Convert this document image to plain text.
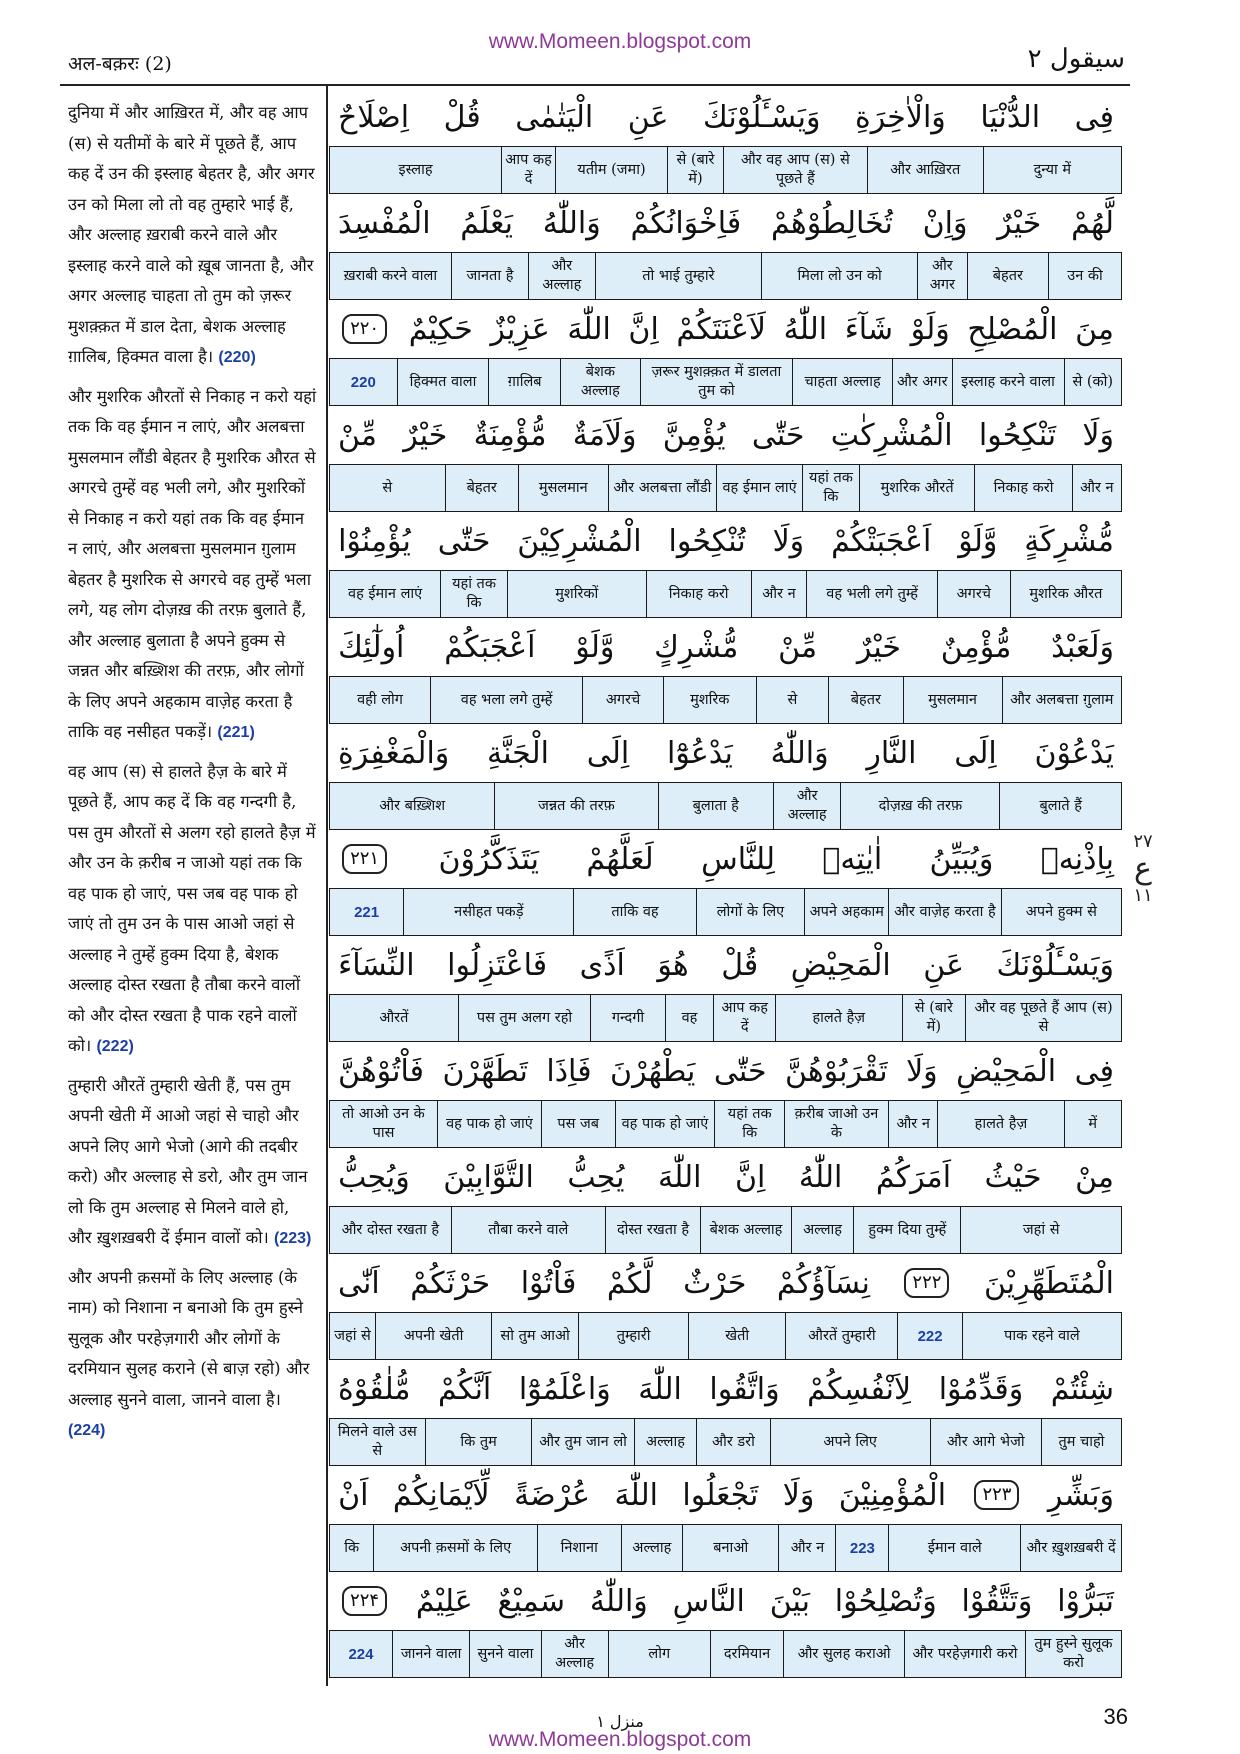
www.Momeen.blogspot.com
अल-बक़रः (2)	سیقول ۲

दुनिया में और आख़िरत में, और वह आप (स) से यतीमों के बारे में पूछते हैं, आप कह दें उन की इस्लाह बेहतर है, और अगर उन को मिला लो तो वह तुम्हारे भाई हैं, और अल्लाह ख़राबी करने वाले और इस्लाह करने वाले को ख़ूब जानता है, और अगर अल्लाह चाहता तो तुम को ज़रूर मुशक़्क़त में डाल देता, बेशक अल्लाह ग़ालिब, हिक्मत वाला है। (220)

और मुशरिक औरतों से निकाह न करो यहां तक कि वह ईमान न लाएं, और अलबत्ता मुसलमान लौंडी बेहतर है मुशरिक औरत से अगरचे तुम्हें वह भली लगे, और मुशरिकों से निकाह न करो यहां तक कि वह ईमान न लाएं, और अलबत्ता मुसलमान ग़ुलाम बेहतर है मुशरिक से अगरचे वह तुम्हें भला लगे, यह लोग दोज़ख़ की तरफ़ बुलाते हैं, और अल्लाह बुलाता है अपने हुक्म से जन्नत और बख़्शिश की तरफ़, और लोगों के लिए अपने अहकाम वाज़ेह करता है ताकि वह नसीहत पकड़ें। (221)

वह आप (स) से हालते हैज़ के बारे में पूछते हैं, आप कह दें कि वह गन्दगी है, पस तुम औरतों से अलग रहो हालते हैज़ में और उन के क़रीब न जाओ यहां तक कि वह पाक हो जाएं, पस जब वह पाक हो जाएं तो तुम उन के पास आओ जहां से अल्लाह ने तुम्हें हुक्म दिया है, बेशक अल्लाह दोस्त रखता है तौबा करने वालों को और दोस्त रखता है पाक रहने वालों को। (222)

तुम्हारी औरतें तुम्हारी खेती हैं, पस तुम अपनी खेती में आओ जहां से चाहो और अपने लिए आगे भेजो (आगे की तदबीर करो) और अल्लाह से डरो, और तुम जान लो कि तुम अल्लाह से मिलने वाले हो, और ख़ुशख़बरी दें ईमान वालों को। (223)

और अपनी क़समों के लिए अल्लाह (के नाम) को निशाना न बनाओ कि तुम हुस्ने सुलूक और परहेज़गारी और लोगों के दरमियान सुलह कराने (से बाज़ रहो) और अल्लाह सुनने वाला, जानने वाला है। (224)

فِى
الدُّنْيَا
وَالْاٰخِرَةِ
وَيَسْـَٔلُوْنَكَ
عَنِ
الْيَتٰمٰى
قُلْ
اِصْلَاحٌ
दुन्या में
और आख़िरत
और वह आप (स) से पूछते हैं
से (बारे में)
यतीम (जमा)
आप कह दें
इस्लाह
لَّهُمْ
خَيْرٌ
وَاِنْ
تُخَالِطُوْهُمْ
فَاِخْوَانُكُمْ
وَاللّٰهُ
يَعْلَمُ
الْمُفْسِدَ
उन की
बेहतर
और अगर
मिला लो उन को
तो भाई तुम्हारे
और अल्लाह
जानता है
ख़राबी करने वाला
مِنَ
الْمُصْلِحِ
وَلَوْ
شَآءَ
اللّٰهُ
لَاَعْنَتَكُمْ
اِنَّ
اللّٰهَ
عَزِيْزٌ
حَكِيْمٌ
۲۲۰
से (को)
इस्लाह करने वाला
और अगर
चाहता अल्लाह
ज़रूर मुशक़्क़त में डालता तुम को
बेशक अल्लाह
ग़ालिब
हिक्मत वाला
220
وَلَا
تَنْكِحُوا
الْمُشْرِكٰتِ
حَتّٰى
يُؤْمِنَّ
وَلَاَمَةٌ
مُّؤْمِنَةٌ
خَيْرٌ
مِّنْ
और न
निकाह करो
मुशरिक औरतें
यहां तक कि
वह ईमान लाएं
और अलबत्ता लौंडी
मुसलमान
बेहतर
से
مُّشْرِكَةٍ
وَّلَوْ
اَعْجَبَتْكُمْ
وَلَا
تُنْكِحُوا
الْمُشْرِكِيْنَ
حَتّٰى
يُؤْمِنُوْا
मुशरिक औरत
अगरचे
वह भली लगे तुम्हें
और न
निकाह करो
मुशरिकों
यहां तक कि
वह ईमान लाएं
وَلَعَبْدٌ
مُّؤْمِنٌ
خَيْرٌ
مِّنْ
مُّشْرِكٍ
وَّلَوْ
اَعْجَبَكُمْ
اُولٰٓئِكَ
और अलबत्ता ग़ुलाम
मुसलमान
बेहतर
से
मुशरिक
अगरचे
वह भला लगे तुम्हें
वही लोग
يَدْعُوْنَ
اِلَى
النَّارِ
وَاللّٰهُ
يَدْعُوْٓا
اِلَى
الْجَنَّةِ
وَالْمَغْفِرَةِ
बुलाते हैं
दोज़ख़ की तरफ़
और अल्लाह
बुलाता है
जन्नत की तरफ़
और बख़्शिश
بِاِذْنِهٖ
وَيُبَيِّنُ
اٰيٰتِهٖ
لِلنَّاسِ
لَعَلَّهُمْ
يَتَذَكَّرُوْنَ
۲۲۱
अपने हुक्म से
और वाज़ेह करता है
अपने अहकाम
लोगों के लिए
ताकि वह
नसीहत पकड़ें
221
وَيَسْـَٔلُوْنَكَ
عَنِ
الْمَحِيْضِ
قُلْ
هُوَ
اَذًى
فَاعْتَزِلُوا
النِّسَآءَ
और वह पूछते हैं आप (स) से
से (बारे में)
हालते हैज़
आप कह दें
वह
गन्दगी
पस तुम अलग रहो
औरतें
فِى
الْمَحِيْضِ
وَلَا
تَقْرَبُوْهُنَّ
حَتّٰى
يَطْهُرْنَ
فَاِذَا
تَطَهَّرْنَ
فَاْتُوْهُنَّ
में
हालते हैज़
और न
क़रीब जाओ उन के
यहां तक कि
वह पाक हो जाएं
पस जब
वह पाक हो जाएं
तो आओ उन के पास
مِنْ
حَيْثُ
اَمَرَكُمُ
اللّٰهُ
اِنَّ
اللّٰهَ
يُحِبُّ
التَّوَّابِيْنَ
وَيُحِبُّ
जहां से
हुक्म दिया तुम्हें
अल्लाह
बेशक अल्लाह
दोस्त रखता है
तौबा करने वाले
और दोस्त रखता है
الْمُتَطَهِّرِيْنَ
۲۲۲
نِسَآؤُكُمْ
حَرْثٌ
لَّكُمْ
فَاْتُوْا
حَرْثَكُمْ
اَنّٰى
पाक रहने वाले
222
औरतें तुम्हारी
खेती
तुम्हारी
सो तुम आओ
अपनी खेती
जहां से
شِئْتُمْ
وَقَدِّمُوْا
لِاَنْفُسِكُمْ
وَاتَّقُوا
اللّٰهَ
وَاعْلَمُوْٓا
اَنَّكُمْ
مُّلٰقُوْهُ
तुम चाहो
और आगे भेजो
अपने लिए
और डरो
अल्लाह
और तुम जान लो
कि तुम
मिलने वाले उस से
وَبَشِّرِ
۲۲۳
الْمُؤْمِنِيْنَ
وَلَا
تَجْعَلُوا
اللّٰهَ
عُرْضَةً
لِّاَيْمَانِكُمْ
اَنْ
और ख़ुशख़बरी दें
ईमान वाले
223
और न
बनाओ
अल्लाह
निशाना
अपनी क़समों के लिए
कि
تَبَرُّوْا
وَتَتَّقُوْا
وَتُصْلِحُوْا
بَيْنَ
النَّاسِ
وَاللّٰهُ
سَمِيْعٌ
عَلِيْمٌ
۲۲۴
तुम हुस्ने सुलूक करो
और परहेज़गारी करो
और सुलह कराओ
दरमियान
लोग
और अल्लाह
सुनने वाला
जानने वाला
224
٢٧
ع
١١
منزل ۱	36
www.Momeen.blogspot.com
